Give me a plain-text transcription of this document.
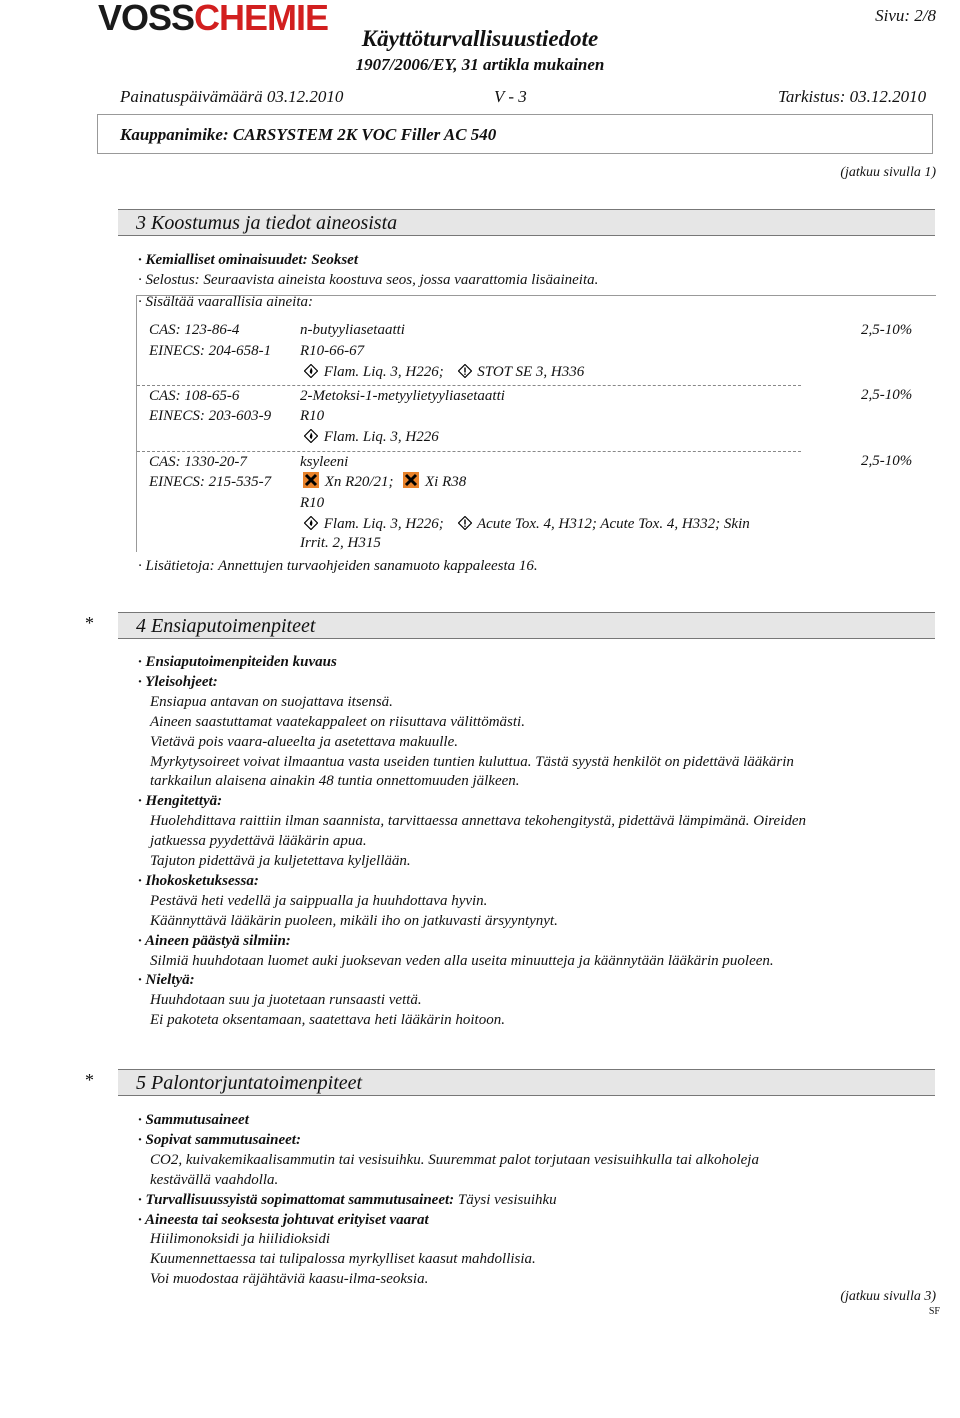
VOSSCHEMIE
Käyttöturvallisuustiedote
1907/2006/EY, 31 artikla mukainen
Sivu: 2/8
Painatuspäivämäärä 03.12.2010	V - 3	Tarkistus: 03.12.2010
Kauppanimike: CARSYSTEM 2K VOC Filler AC 540
(jatkuu sivulla 1)
3 Koostumus ja tiedot aineosista
· Kemialliset ominaisuudet: Seokset
· Selostus: Seuraavista aineista koostuva seos, jossa vaarattomia lisäaineita.
· Sisältää vaarallisia aineita:
CAS: 123-86-4
EINECS: 204-658-1
n-butyyliasetaatti
R10-66-67
Flam. Liq. 3, H226; STOT SE 3, H336
2,5-10%
CAS: 108-65-6
EINECS: 203-603-9
2-Metoksi-1-metyylietyyliasetaatti
R10
Flam. Liq. 3, H226
2,5-10%
CAS: 1330-20-7
EINECS: 215-535-7
ksyleeni
Xn R20/21; Xi R38
R10
Flam. Liq. 3, H226; Acute Tox. 4, H312; Acute Tox. 4, H332; Skin
Irrit. 2, H315
2,5-10%
· Lisätietoja: Annettujen turvaohjeiden sanamuoto kappaleesta 16.
* 4 Ensiaputoimenpiteet
· Ensiaputoimenpiteiden kuvaus
· Yleisohjeet:
Ensiapua antavan on suojattava itsensä.
Aineen saastuttamat vaatekappaleet on riisuttava välittömästi.
Vietävä pois vaara-alueelta ja asetettava makuulle.
Myrkytysoireet voivat ilmaantua vasta useiden tuntien kuluttua. Tästä syystä henkilöt on pidettävä lääkärin
tarkkailun alaisena ainakin 48 tuntia onnettomuuden jälkeen.
· Hengitettyä:
Huolehdittava raittiin ilman saannista, tarvittaessa annettava tekohengitystä, pidettävä lämpimänä. Oireiden
jatkuessa pyydettävä lääkärin apua.
Tajuton pidettävä ja kuljetettava kyljellään.
· Ihokosketuksessa:
Pestävä heti vedellä ja saippualla ja huuhdottava hyvin.
Käännyttävä lääkärin puoleen, mikäli iho on jatkuvasti ärsyyntynyt.
· Aineen päästyä silmiin:
Silmiä huuhdotaan luomet auki juoksevan veden alla useita minuutteja ja käännytään lääkärin puoleen.
· Nieltyä:
Huuhdotaan suu ja juotetaan runsaasti vettä.
Ei pakoteta oksentamaan, saatettava heti lääkärin hoitoon.
* 5 Palontorjuntatoimenpiteet
· Sammutusaineet
· Sopivat sammutusaineet:
CO2, kuivakemikaalisammutin tai vesisuihku. Suuremmat palot torjutaan vesisuihkulla tai alkoholeja
kestävällä vaahdolla.
· Turvallisuussyistä sopimattomat sammutusaineet: Täysi vesisuihku
· Aineesta tai seoksesta johtuvat erityiset vaarat
Hiilimonoksidi ja hiilidioksidi
Kuumennettaessa tai tulipalossa myrkylliset kaasut mahdollisia.
Voi muodostaa räjähtäviä kaasu-ilma-seoksia.
(jatkuu sivulla 3)
SF
